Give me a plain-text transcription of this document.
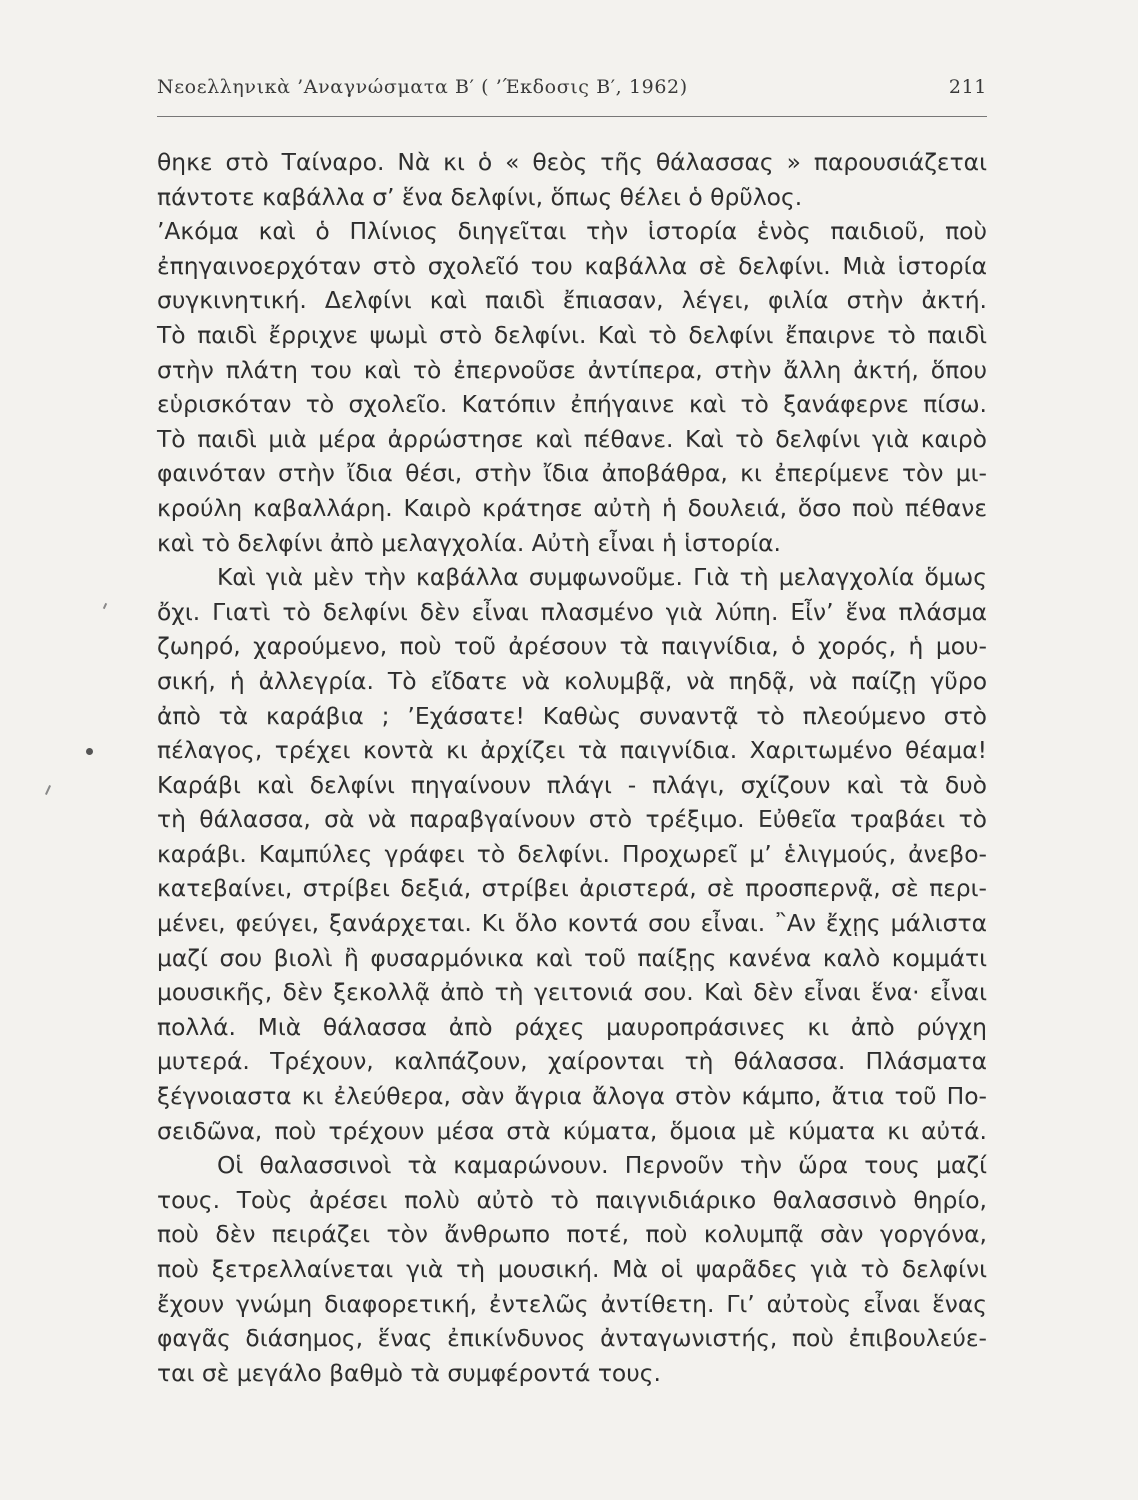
Νεοελληνικὰ ’Αναγνώσματα Β′ ( ’Έκδοσις Β′, 1962)	211
θηκε στὸ Ταίναρο. Νὰ κι ὁ « θεὸς τῆς θάλασσας » παρουσιάζεται
πάντοτε καβάλλα σ’ ἕνα δελφίνι, ὅπως θέλει ὁ θρῦλος.
’Ακόμα καὶ ὁ Πλίνιος διηγεῖται τὴν ἱστορία ἑνὸς παιδιοῦ, ποὺ
ἐπηγαινοερχόταν στὸ σχολεῖό του καβάλλα σὲ δελφίνι. Μιὰ ἱστορία
συγκινητική. Δελφίνι καὶ παιδὶ ἔπιασαν, λέγει, φιλία στὴν ἀκτή.
Τὸ παιδὶ ἔρριχνε ψωμὶ στὸ δελφίνι. Καὶ τὸ δελφίνι ἔπαιρνε τὸ παιδὶ
στὴν πλάτη του καὶ τὸ ἐπερνοῦσε ἀντίπερα, στὴν ἄλλη ἀκτή, ὅπου
εὑρισκόταν τὸ σχολεῖο. Κατόπιν ἐπήγαινε καὶ τὸ ξανάφερνε πίσω.
Τὸ παιδὶ μιὰ μέρα ἀρρώστησε καὶ πέθανε. Καὶ τὸ δελφίνι γιὰ καιρὸ
φαινόταν στὴν ἴδια θέσι, στὴν ἴδια ἀποβάθρα, κι ἐπερίμενε τὸν μι-
κρούλη καβαλλάρη. Καιρὸ κράτησε αὐτὴ ἡ δουλειά, ὅσο ποὺ πέθανε
καὶ τὸ δελφίνι ἀπὸ μελαγχολία. Αὐτὴ εἶναι ἡ ἱστορία.
Καὶ γιὰ μὲν τὴν καβάλλα συμφωνοῦμε. Γιὰ τὴ μελαγχολία ὅμως
ὄχι. Γιατὶ τὸ δελφίνι δὲν εἶναι πλασμένο γιὰ λύπη. Εἶν’ ἕνα πλάσμα
ζωηρό, χαρούμενο, ποὺ τοῦ ἀρέσουν τὰ παιγνίδια, ὁ χορός, ἡ μου-
σική, ἡ ἀλλεγρία. Τὸ εἴδατε νὰ κολυμβᾷ, νὰ πηδᾷ, νὰ παίζῃ γῦρο
ἀπὸ τὰ καράβια ; ’Εχάσατε! Καθὼς συναντᾷ τὸ πλεούμενο στὸ
πέλαγος, τρέχει κοντὰ κι ἀρχίζει τὰ παιγνίδια. Χαριτωμένο θέαμα!
Καράβι καὶ δελφίνι πηγαίνουν πλάγι - πλάγι, σχίζουν καὶ τὰ δυὸ
τὴ θάλασσα, σὰ νὰ παραβγαίνουν στὸ τρέξιμο. Εὐθεῖα τραβάει τὸ
καράβι. Καμπύλες γράφει τὸ δελφίνι. Προχωρεῖ μ’ ἑλιγμούς, ἀνεβο-
κατεβαίνει, στρίβει δεξιά, στρίβει ἀριστερά, σὲ προσπερνᾷ, σὲ περι-
μένει, φεύγει, ξανάρχεται. Κι ὅλο κοντά σου εἶναι. ῍Αν ἔχῃς μάλιστα
μαζί σου βιολὶ ἢ φυσαρμόνικα καὶ τοῦ παίξῃς κανένα καλὸ κομμάτι
μουσικῆς, δὲν ξεκολλᾷ ἀπὸ τὴ γειτονιά σου. Καὶ δὲν εἶναι ἕνα· εἶναι
πολλά. Μιὰ θάλασσα ἀπὸ ράχες μαυροπράσινες κι ἀπὸ ρύγχη
μυτερά. Τρέχουν, καλπάζουν, χαίρονται τὴ θάλασσα. Πλάσματα
ξέγνοιαστα κι ἐλεύθερα, σὰν ἄγρια ἄλογα στὸν κάμπο, ἄτια τοῦ Πο-
σειδῶνα, ποὺ τρέχουν μέσα στὰ κύματα, ὅμοια μὲ κύματα κι αὐτά.
Οἱ θαλασσινοὶ τὰ καμαρώνουν. Περνοῦν τὴν ὥρα τους μαζί
τους. Τοὺς ἀρέσει πολὺ αὐτὸ τὸ παιγνιδιάρικο θαλασσινὸ θηρίο,
ποὺ δὲν πειράζει τὸν ἄνθρωπο ποτέ, ποὺ κολυμπᾷ σὰν γοργόνα,
ποὺ ξετρελλαίνεται γιὰ τὴ μουσική. Μὰ οἱ ψαρᾶδες γιὰ τὸ δελφίνι
ἔχουν γνώμη διαφορετική, ἐντελῶς ἀντίθετη. Γι’ αὐτοὺς εἶναι ἕνας
φαγᾶς διάσημος, ἕνας ἐπικίνδυνος ἀνταγωνιστής, ποὺ ἐπιβουλεύε-
ται σὲ μεγάλο βαθμὸ τὰ συμφέροντά τους.
